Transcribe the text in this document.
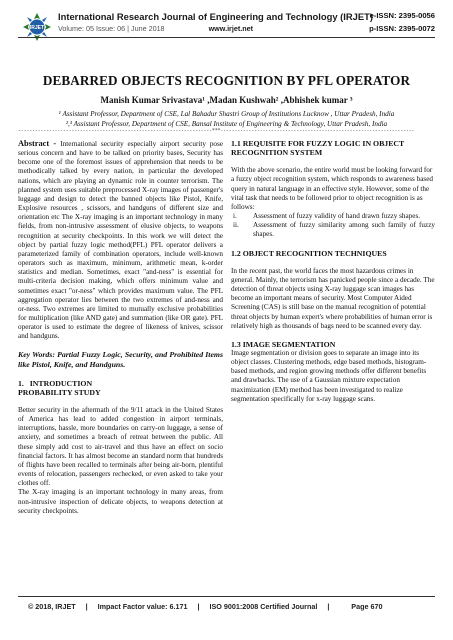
IRJET
International Research Journal of Engineering and Technology (IRJET)
Volume: 05 Issue: 06 | June 2018	www.irjet.net
e-ISSN: 2395-0056
p-ISSN: 2395-0072
DEBARRED OBJECTS RECOGNITION BY PFL OPERATOR
Manish Kumar Srivastava¹ ,Madan Kushwah² ,Abhishek kumar ³
¹ Assistant Professor, Department of CSE, Lal Bahadur Shastri Group of Institutions Lucknow , Uttar Pradesh, India
²,³ Assistant Professor, Department of CSE, Bansal Institute of Engineering & Technology, Uttar Pradesh, India
---------------------------------------------------------------------***---------------------------------------------------------------------

Abstract - International security especially airport security pose serious concern and have to be talked on priority bases, Security has become one of the foremost issues of apprehension that needs to be methodically talked by every nation, in particular the developed nations, which are playing an dynamic role in counter terrorism. The planned system uses suitable preprocessed X-ray images of passenger's luggage and design to detect the banned objects like Pistol, Knife, Explosive resources , scissors, and handguns of different size and orientation etc The X-ray imaging is an important technology in many fields, from non-intrusive assessment of elusive objects, to weapons recognition at security checkpoints. In this work we will detect the object by partial fuzzy logic method(PFL) PFL operator delivers a parameterized family of combination operators, include well-known operators such as maximum, minimum, arithmetic mean, k-order statistics and median. Sometimes, exact "and-ness" is essential for multi-criteria decision making, which offers minimum value and sometimes exact "or-ness" which provides maximum value. The PFL aggregation operator lies between the two extremes of and-ness and or-ness. Two extremes are limited to mutually exclusive probabilities for multiplication (like AND gate) and summation (like OR gate). PFL operator is used to estimate the degree of likeness of knives, scissor and handguns.

Key Words: Partial Fuzzy Logic, Security, and Prohibited Items like Pistol, Knife, and Handguns.

1. INTRODUCTION

PROBABILITY STUDY

Better security in the aftermath of the 9/11 attack in the United States of America has lead to added congestion in airport terminals, interruptions, hassle, more boundaries on carry-on luggage, a sense of anxiety, and sometimes a breach of retreat between the public. All these simply add cost to air-travel and thus have an effect on socio financial factors. It has almost become an standard norm that hundreds of flights have been recalled to terminals after being air-born, plentiful events of relocation, passengers rechecked, or even asked to take your clothes off.

The X-ray imaging is an important technology in many areas, from non-intrusive inspection of delicate objects, to weapons detection at security checkpoints.

1.1 REQUISITE FOR FUZZY LOGIC IN OBJECT RECOGNITION SYSTEM

With the above scenario, the entire world must be looking forward for a fuzzy object recognition system, which responds to awareness based query in natural language in an effective style. However, some of the vital task that needs to be followed prior to object recognition is as follows:

i. Assessment of fuzzy validity of hand drawn fuzzy shapes.
ii. Assessment of fuzzy similarity among such family of fuzzy shapes.

1.2 OBJECT RECOGNITION TECHNIQUES

In the recent past, the world faces the most hazardous crimes in general. Mainly, the terrorism has panicked people since a decade. The detection of threat objects using X-ray luggage scan images has become an important means of security. Most Computer Aided Screening (CAS) is still base on the manual recognition of potential threat objects by human expert's where probabilities of human error is relatively high as thousands of bags need to be scanned every day.

1.3 IMAGE SEGMENTATION

Image segmentation or division goes to separate an image into its object classes. Clustering methods, edge based methods, histogram-based methods, and region growing methods offer different benefits and drawbacks. The use of a Gaussian mixture expectation maximization (EM) method has been investigated to realize segmentation specifically for x-ray luggage scans.

© 2018, IRJET     |     Impact Factor value: 6.171     |     ISO 9001:2008 Certified Journal     |           Page 670
